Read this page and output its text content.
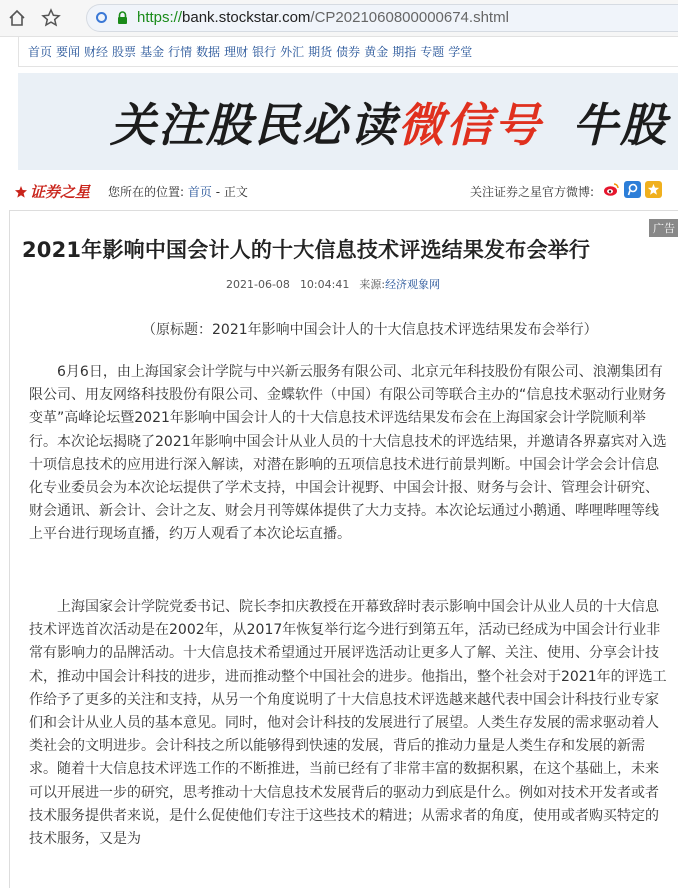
https://bank.stockstar.com/CP2021060800000674.shtml
首页 要闻 财经 股票 基金 行情 数据 理财 银行 外汇 期货 债券 黄金 期指 专题 学堂
关注股民必读微信号 牛股
证券之星 您所在的位置: 首页 - 正文	关注证券之星官方微博:
广告
2021年影响中国会计人的十大信息技术评选结果发布会举行
2021-06-08 10:04:41 来源:经济观象网
（原标题：2021年影响中国会计人的十大信息技术评选结果发布会举行）

6月6日，由上海国家会计学院与中兴新云服务有限公司、北京元年科技股份有限公司、浪潮集团有限公司、用友网络科技股份有限公司、金蝶软件（中国）有限公司等联合主办的“信息技术驱动行业财务变革”高峰论坛暨2021年影响中国会计人的十大信息技术评选结果发布会在上海国家会计学院顺利举行。本次论坛揭晓了2021年影响中国会计从业人员的十大信息技术的评选结果，并邀请各界嘉宾对入选十项信息技术的应用进行深入解读，对潜在影响的五项信息技术进行前景判断。中国会计学会会计信息化专业委员会为本次论坛提供了学术支持，中国会计视野、中国会计报、财务与会计、管理会计研究、财会通讯、新会计、会计之友、财会月刊等媒体提供了大力支持。本次论坛通过小鹅通、哔哩哔哩等线上平台进行现场直播，约万人观看了本次论坛直播。

上海国家会计学院党委书记、院长李扣庆教授在开幕致辞时表示影响中国会计从业人员的十大信息技术评选首次活动是在2002年，从2017年恢复举行迄今进行到第五年，活动已经成为中国会计行业非常有影响力的品牌活动。十大信息技术希望通过开展评选活动让更多人了解、关注、使用、分享会计技术，推动中国会计科技的进步，进而推动整个中国社会的进步。他指出，整个社会对于2021年的评选工作给予了更多的关注和支持，从另一个角度说明了十大信息技术评选越来越代表中国会计科技行业专家们和会计从业人员的基本意见。同时，他对会计科技的发展进行了展望。人类生存发展的需求驱动着人类社会的文明进步。会计科技之所以能够得到快速的发展，背后的推动力量是人类生存和发展的新需求。随着十大信息技术评选工作的不断推进，当前已经有了非常丰富的数据积累，在这个基础上，未来可以开展进一步的研究，思考推动十大信息技术发展背后的驱动力到底是什么。例如对技术开发者或者技术服务提供者来说，是什么促使他们专注于这些技术的精进；从需求者的角度，使用或者购买特定的技术服务，又是为
